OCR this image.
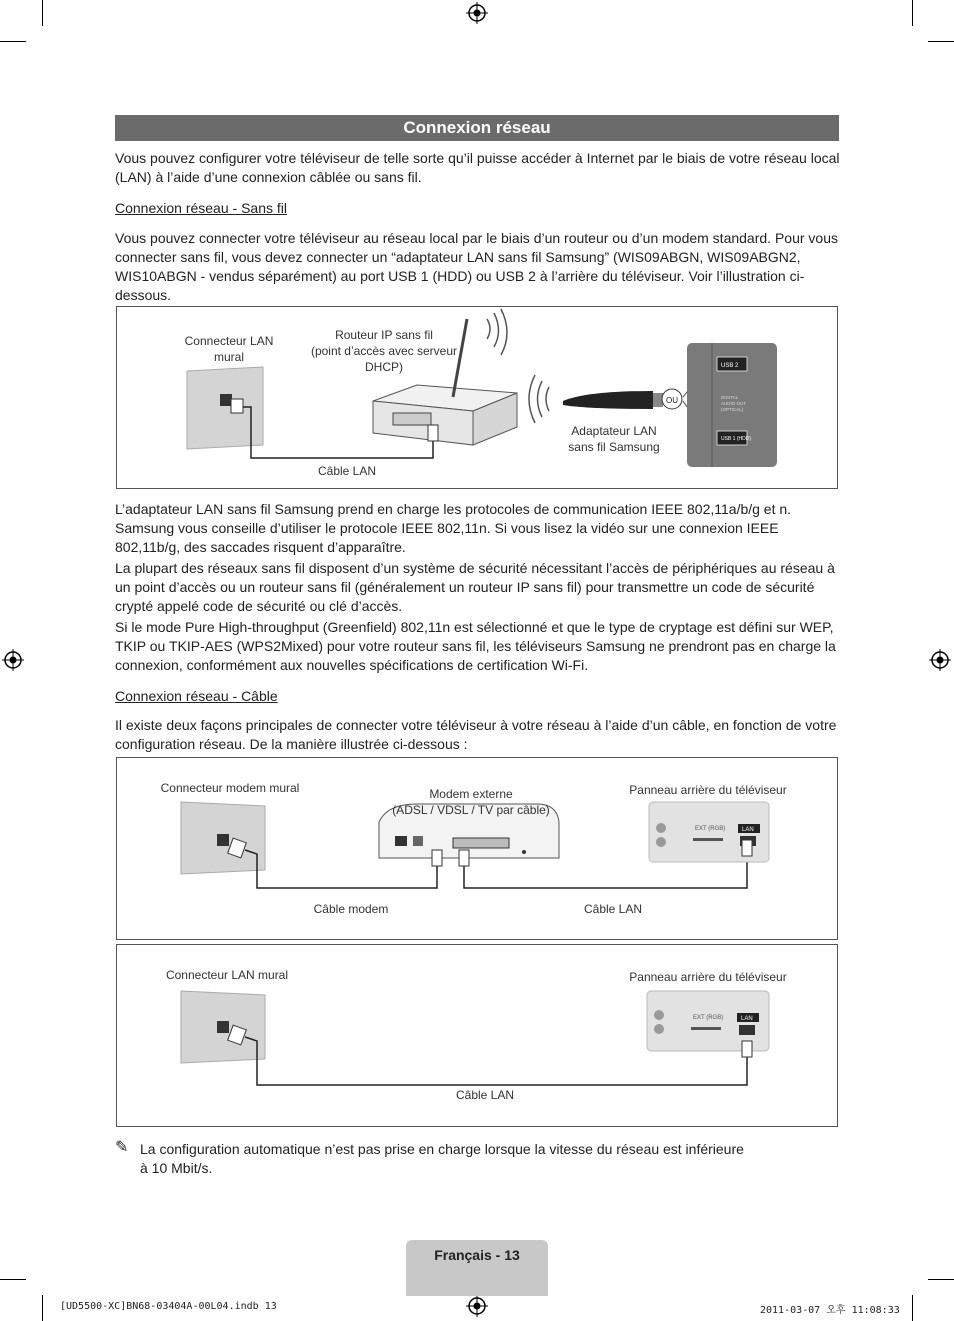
Connexion réseau

Vous pouvez configurer votre téléviseur de telle sorte qu’il puisse accéder à Internet par le biais de votre réseau local (LAN) à l’aide d’une connexion câblée ou sans fil.

Connexion réseau - Sans fil

Vous pouvez connecter votre téléviseur au réseau local par le biais d’un routeur ou d’un modem standard. Pour vous connecter sans fil, vous devez connecter un “adaptateur LAN sans fil Samsung” (WIS09ABGN, WIS09ABGN2, WIS10ABGN - vendus séparément) au port USB 1 (HDD) ou USB 2 à l’arrière du téléviseur. Voir l’illustration ci-dessous.

OU
USB 2
DIGITAL
AUDIO OUT
(OPTICAL)
USB 1 (HDD)
Connecteur LAN
mural
Routeur IP sans fil
(point d’accès avec serveur
DHCP)
Adaptateur LAN
sans fil Samsung
Câble LAN

L’adaptateur LAN sans fil Samsung prend en charge les protocoles de communication IEEE 802,11a/b/g et n. Samsung vous conseille d’utiliser le protocole IEEE 802,11n. Si vous lisez la vidéo sur une connexion IEEE 802,11b/g, des saccades risquent d’apparaître.

La plupart des réseaux sans fil disposent d’un système de sécurité nécessitant l’accès de périphériques au réseau à un point d’accès ou un routeur sans fil (généralement un routeur IP sans fil) pour transmettre un code de sécurité crypté appelé code de sécurité ou clé d’accès.

Si le mode Pure High-throughput (Greenfield) 802,11n est sélectionné et que le type de cryptage est défini sur WEP, TKIP ou TKIP-AES (WPS2Mixed) pour votre routeur sans fil, les téléviseurs Samsung ne prendront pas en charge la connexion, conformément aux nouvelles spécifications de certification Wi-Fi.

Connexion réseau - Câble

Il existe deux façons principales de connecter votre téléviseur à votre réseau à l’aide d’un câble, en fonction de votre configuration réseau. De la manière illustrée ci-dessous :

EXT (RGB)	LAN
Connecteur modem mural	Modem externe
(ADSL / VDSL / TV par câble)
Panneau arrière du téléviseur
Câble modem	Câble LAN
EXT (RGB)	LAN
Connecteur LAN mural	Panneau arrière du téléviseur
Câble LAN
✎ La configuration automatique n’est pas prise en charge lorsque la vitesse du réseau est inférieure
à 10 Mbit/s.
Français - 13
[UD5500-XC]BN68-03404A-00L04.indb 13	2011-03-07 오후 11:08:33
